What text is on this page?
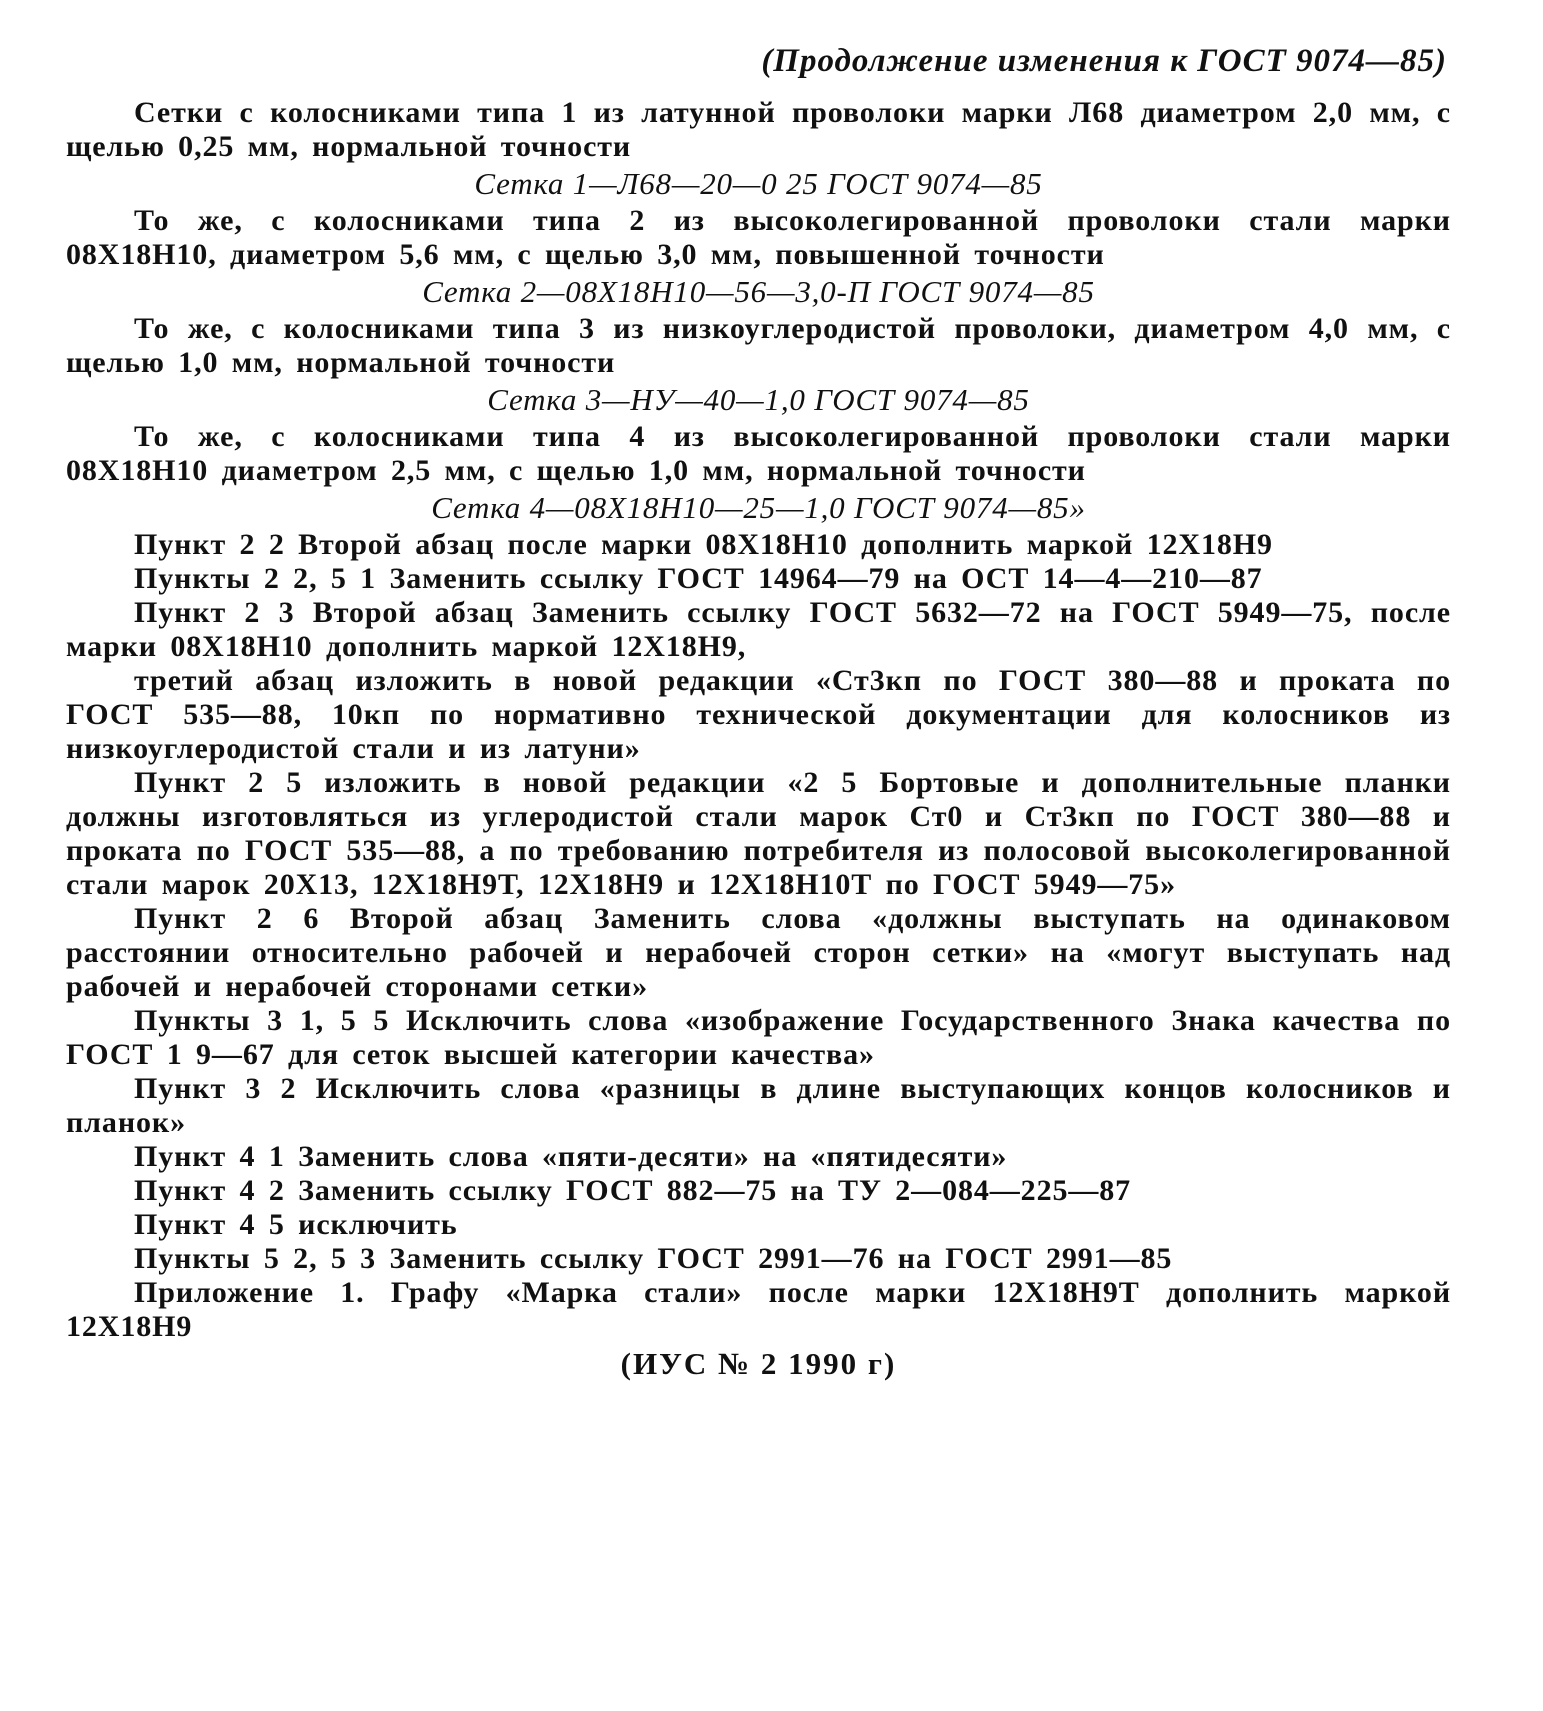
(Продолжение изменения к ГОСТ 9074—85)

Сетки с колосниками типа 1 из латунной проволоки марки Л68 диаметром 2,0 мм, с щелью 0,25 мм, нормальной точности

Сетка 1—Л68—20—0 25 ГОСТ 9074—85

То же, с колосниками типа 2 из высоколегированной проволоки стали марки 08Х18Н10, диаметром 5,6 мм, с щелью 3,0 мм, повышенной точности

Сетка 2—08Х18Н10—56—3,0-П ГОСТ 9074—85

То же, с колосниками типа 3 из низкоуглеродистой проволоки, диаметром 4,0 мм, с щелью 1,0 мм, нормальной точности

Сетка 3—НУ—40—1,0 ГОСТ 9074—85

То же, с колосниками типа 4 из высоколегированной проволоки стали марки 08Х18Н10 диаметром 2,5 мм, с щелью 1,0 мм, нормальной точности

Сетка 4—08Х18Н10—25—1,0 ГОСТ 9074—85»

Пункт 2 2 Второй абзац после марки 08Х18Н10 дополнить маркой 12Х18Н9

Пункты 2 2, 5 1 Заменить ссылку ГОСТ 14964—79 на ОСТ 14—4—210—87

Пункт 2 3 Второй абзац Заменить ссылку ГОСТ 5632—72 на ГОСТ 5949—75, после марки 08Х18Н10 дополнить маркой 12Х18Н9,

третий абзац изложить в новой редакции «Ст3кп по ГОСТ 380—88 и проката по ГОСТ 535—88, 10кп по нормативно технической документации для колосников из низкоуглеродистой стали и из латуни»

Пункт 2 5 изложить в новой редакции «2 5 Бортовые и дополнительные планки должны изготовляться из углеродистой стали марок Ст0 и Ст3кп по ГОСТ 380—88 и проката по ГОСТ 535—88, а по требованию потребителя из полосовой высоколегированной стали марок 20Х13, 12Х18Н9Т, 12Х18Н9 и 12Х18Н10Т по ГОСТ 5949—75»

Пункт 2 6 Второй абзац Заменить слова «должны выступать на одинаковом расстоянии относительно рабочей и нерабочей сторон сетки» на «могут выступать над рабочей и нерабочей сторонами сетки»

Пункты 3 1, 5 5 Исключить слова «изображение Государственного Знака качества по ГОСТ 1 9—67 для сеток высшей категории качества»

Пункт 3 2 Исключить слова «разницы в длине выступающих концов колосников и планок»

Пункт 4 1 Заменить слова «пяти-десяти» на «пятидесяти»

Пункт 4 2 Заменить ссылку ГОСТ 882—75 на ТУ 2—084—225—87

Пункт 4 5 исключить

Пункты 5 2, 5 3 Заменить ссылку ГОСТ 2991—76 на ГОСТ 2991—85

Приложение 1. Графу «Марка стали» после марки 12Х18Н9Т дополнить маркой 12Х18Н9

(ИУС № 2 1990 г)
